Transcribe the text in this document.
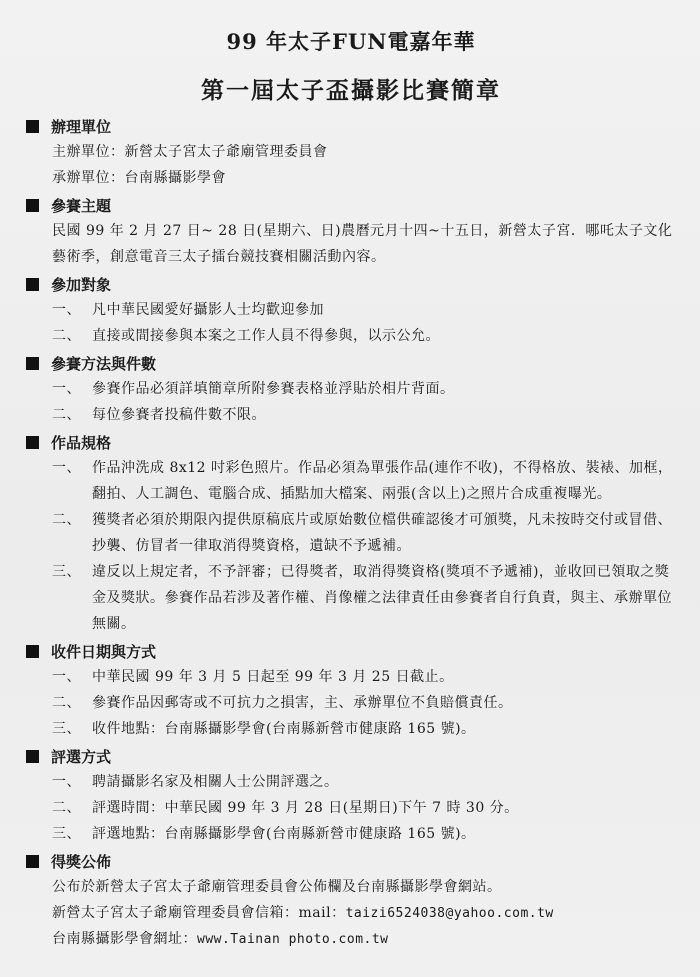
99 年太子FUN電嘉年華
第一屆太子盃攝影比賽簡章
辦理單位
主辦單位：新營太子宮太子爺廟管理委員會
承辦單位：台南縣攝影學會
參賽主題
民國 99 年 2 月 27 日~ 28 日(星期六、日)農曆元月十四~十五日，新營太子宮．哪吒太子文化藝術季，創意電音三太子擂台競技賽相關活動內容。
參加對象
一、 凡中華民國愛好攝影人士均歡迎參加
二、 直接或間接參與本案之工作人員不得參與，以示公允。
參賽方法與件數
一、 參賽作品必須詳填簡章所附參賽表格並浮貼於相片背面。
二、 每位參賽者投稿件數不限。
作品規格
一、 作品沖洗成 8x12 吋彩色照片。作品必須為單張作品(連作不收)，不得格放、裝裱、加框，翻拍、人工調色、電腦合成、插點加大檔案、兩張(含以上)之照片合成重複曝光。
二、 獲獎者必須於期限內提供原稿底片或原始數位檔供確認後才可頒獎，凡未按時交付或冒借、抄襲、仿冒者一律取消得獎資格，遺缺不予遞補。
三、 違反以上規定者，不予評審；已得獎者，取消得獎資格(獎項不予遞補)，並收回已領取之獎金及獎狀。參賽作品若涉及著作權、肖像權之法律責任由參賽者自行負責，與主、承辦單位無關。
收件日期與方式
一、 中華民國 99 年 3 月 5 日起至 99 年 3 月 25 日截止。
二、 參賽作品因郵寄或不可抗力之損害，主、承辦單位不負賠償責任。
三、 收件地點：台南縣攝影學會(台南縣新營市健康路 165 號)。
評選方式
一、 聘請攝影名家及相關人士公開評選之。
二、 評選時間：中華民國 99 年 3 月 28 日(星期日)下午 7 時 30 分。
三、 評選地點：台南縣攝影學會(台南縣新營市健康路 165 號)。
得獎公佈
公布於新營太子宮太子爺廟管理委員會公佈欄及台南縣攝影學會網站。
新營太子宮太子爺廟管理委員會信箱：mail：taizi6524038@yahoo.com.tw
台南縣攝影學會網址：www.Tainan photo.com.tw
